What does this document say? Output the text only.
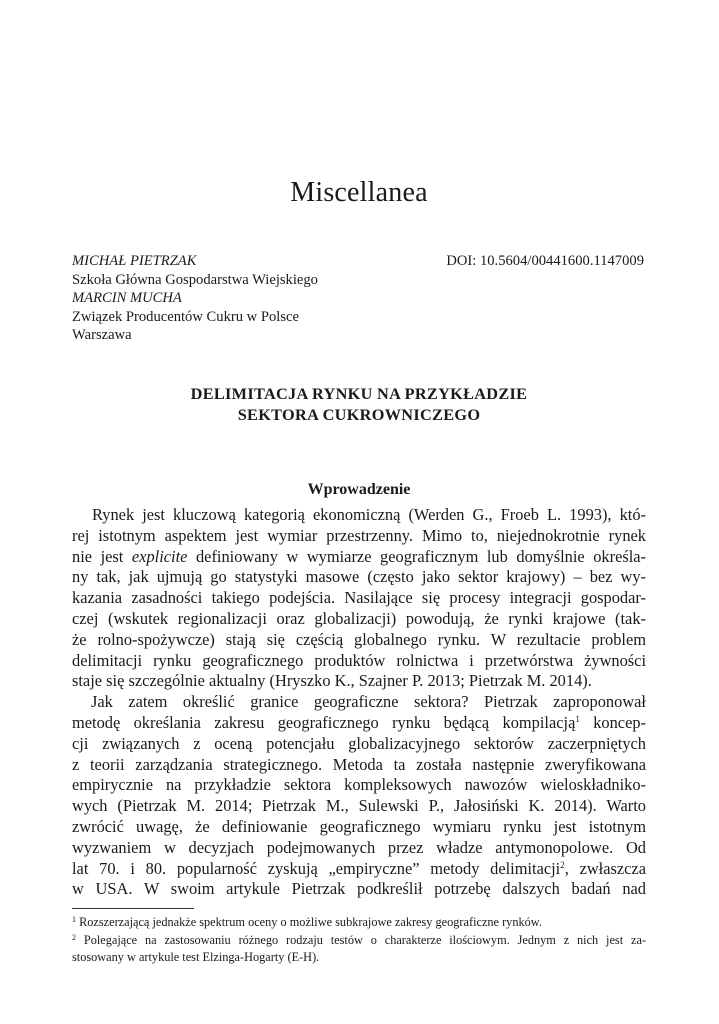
Miscellanea
MICHAŁ PIETRZAK
Szkoła Główna Gospodarstwa Wiejskiego
MARCIN MUCHA
Związek Producentów Cukru w Polsce
Warszawa
DOI: 10.5604/00441600.1147009
DELIMITACJA RYNKU NA PRZYKŁADZIE
SEKTORA CUKROWNICZEGO
Wprowadzenie
Rynek jest kluczową kategorią ekonomiczną (Werden G., Froeb L. 1993), któ-
rej istotnym aspektem jest wymiar przestrzenny. Mimo to, niejednokrotnie rynek
nie jest explicite definiowany w wymiarze geograficznym lub domyślnie określa-
ny tak, jak ujmują go statystyki masowe (często jako sektor krajowy) – bez wy-
kazania zasadności takiego podejścia. Nasilające się procesy integracji gospodar-
czej (wskutek regionalizacji oraz globalizacji) powodują, że rynki krajowe (tak-
że rolno-spożywcze) stają się częścią globalnego rynku. W rezultacie problem
delimitacji rynku geograficznego produktów rolnictwa i przetwórstwa żywności
staje się szczególnie aktualny (Hryszko K., Szajner P. 2013; Pietrzak M. 2014).
Jak zatem określić granice geograficzne sektora? Pietrzak zaproponował
metodę określania zakresu geograficznego rynku będącą kompilacją$^1$ koncep-
cji związanych z oceną potencjału globalizacyjnego sektorów zaczerpniętych
z teorii zarządzania strategicznego. Metoda ta została następnie zweryfikowana
empirycznie na przykładzie sektora kompleksowych nawozów wieloskładniko-
wych (Pietrzak M. 2014; Pietrzak M., Sulewski P., Jałosiński K. 2014). Warto
zwrócić uwagę, że definiowanie geograficznego wymiaru rynku jest istotnym
wyzwaniem w decyzjach podejmowanych przez władze antymonopolowe. Od
lat 70. i 80. popularność zyskują „empiryczne” metody delimitacji$^2$, zwłaszcza
w USA. W swoim artykule Pietrzak podkreślił potrzebę dalszych badań nad
$^1$ Rozszerzającą jednakże spektrum oceny o możliwe subkrajowe zakresy geograficzne rynków.
$^2$ Polegające na zastosowaniu różnego rodzaju testów o charakterze ilościowym. Jednym z nich jest za-
stosowany w artykule test Elzinga-Hogarty (E-H).
